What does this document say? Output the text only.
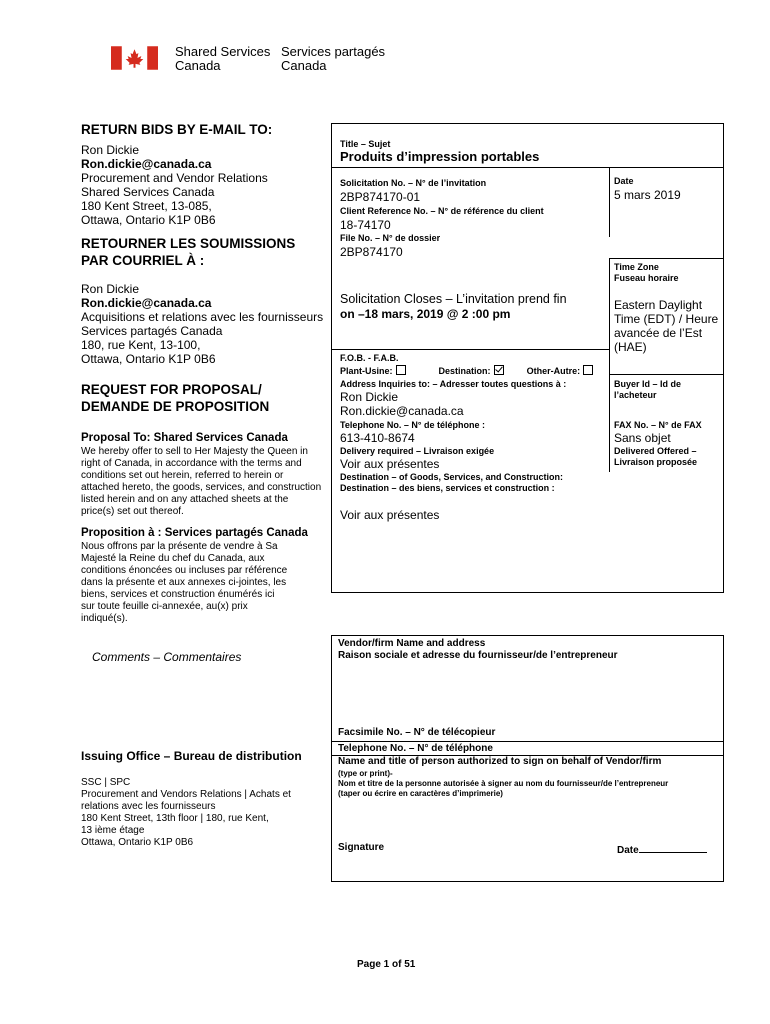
Shared Services
Canada
Services partagés
Canada
RETURN BIDS BY E-MAIL TO:
Ron Dickie
Ron.dickie@canada.ca
Procurement and Vendor Relations
Shared Services Canada
180 Kent Street, 13-085,
Ottawa, Ontario K1P 0B6
RETOURNER LES SOUMISSIONS
PAR COURRIEL À :
Ron Dickie
Ron.dickie@canada.ca
Acquisitions et relations avec les fournisseurs
Services partagés Canada
180, rue Kent, 13-100,
Ottawa, Ontario K1P 0B6
REQUEST FOR PROPOSAL/
DEMANDE DE PROPOSITION
Proposal To: Shared Services Canada
We hereby offer to sell to Her Majesty the Queen in
right of Canada, in accordance with the terms and
conditions set out herein, referred to herein or
attached hereto, the goods, services, and construction
listed herein and on any attached sheets at the
price(s) set out thereof.
Proposition à : Services partagés Canada
Nous offrons par la présente de vendre à Sa
Majesté la Reine du chef du Canada, aux
conditions énoncées ou incluses par référence
dans la présente et aux annexes ci-jointes, les
biens, services et construction énumérés ici
sur toute feuille ci-annexée, au(x) prix
indiqué(s).
Comments – Commentaires
Issuing Office – Bureau de distribution
SSC | SPC
Procurement and Vendors Relations | Achats et
relations avec les fournisseurs
180 Kent Street, 13th floor | 180, rue Kent,
13 ième étage
Ottawa, Ontario K1P 0B6
Title – Sujet
Produits d’impression portables
Solicitation No. – N° de l’invitation
2BP874170-01
Date
5 mars 2019
Client Reference No. – N° de référence du client
18-74170
File No. – N° de dossier
2BP874170
Time Zone
Fuseau horaire
Solicitation Closes – L’invitation prend fin
on –18 mars, 2019 @ 2 :00 pm
Eastern Daylight
Time (EDT) / Heure
avancée de l’Est
(HAE)
F.O.B. - F.A.B.
Plant-Usine:	Destination:	Other-Autre:
Address Inquiries to: – Adresser toutes questions à :
Ron Dickie
Ron.dickie@canada.ca
Buyer Id – Id de
l’acheteur
Telephone No. – N° de téléphone :
613-410-8674
FAX No. – N° de FAX
Sans objet
Delivery required – Livraison exigée
Voir aux présentes
Delivered Offered –
Livraison proposée
Destination – of Goods, Services, and Construction:
Destination – des biens, services et construction :
Voir aux présentes
Vendor/firm Name and address
Raison sociale et adresse du fournisseur/de l’entrepreneur
Facsimile No. – N° de télécopieur
Telephone No. – N° de téléphone
Name and title of person authorized to sign on behalf of Vendor/firm
(type or print)-
Nom et titre de la personne autorisée à signer au nom du fournisseur/de l’entrepreneur
(taper ou écrire en caractères d’imprimerie)
Signature	Date
Page 1 of 51
